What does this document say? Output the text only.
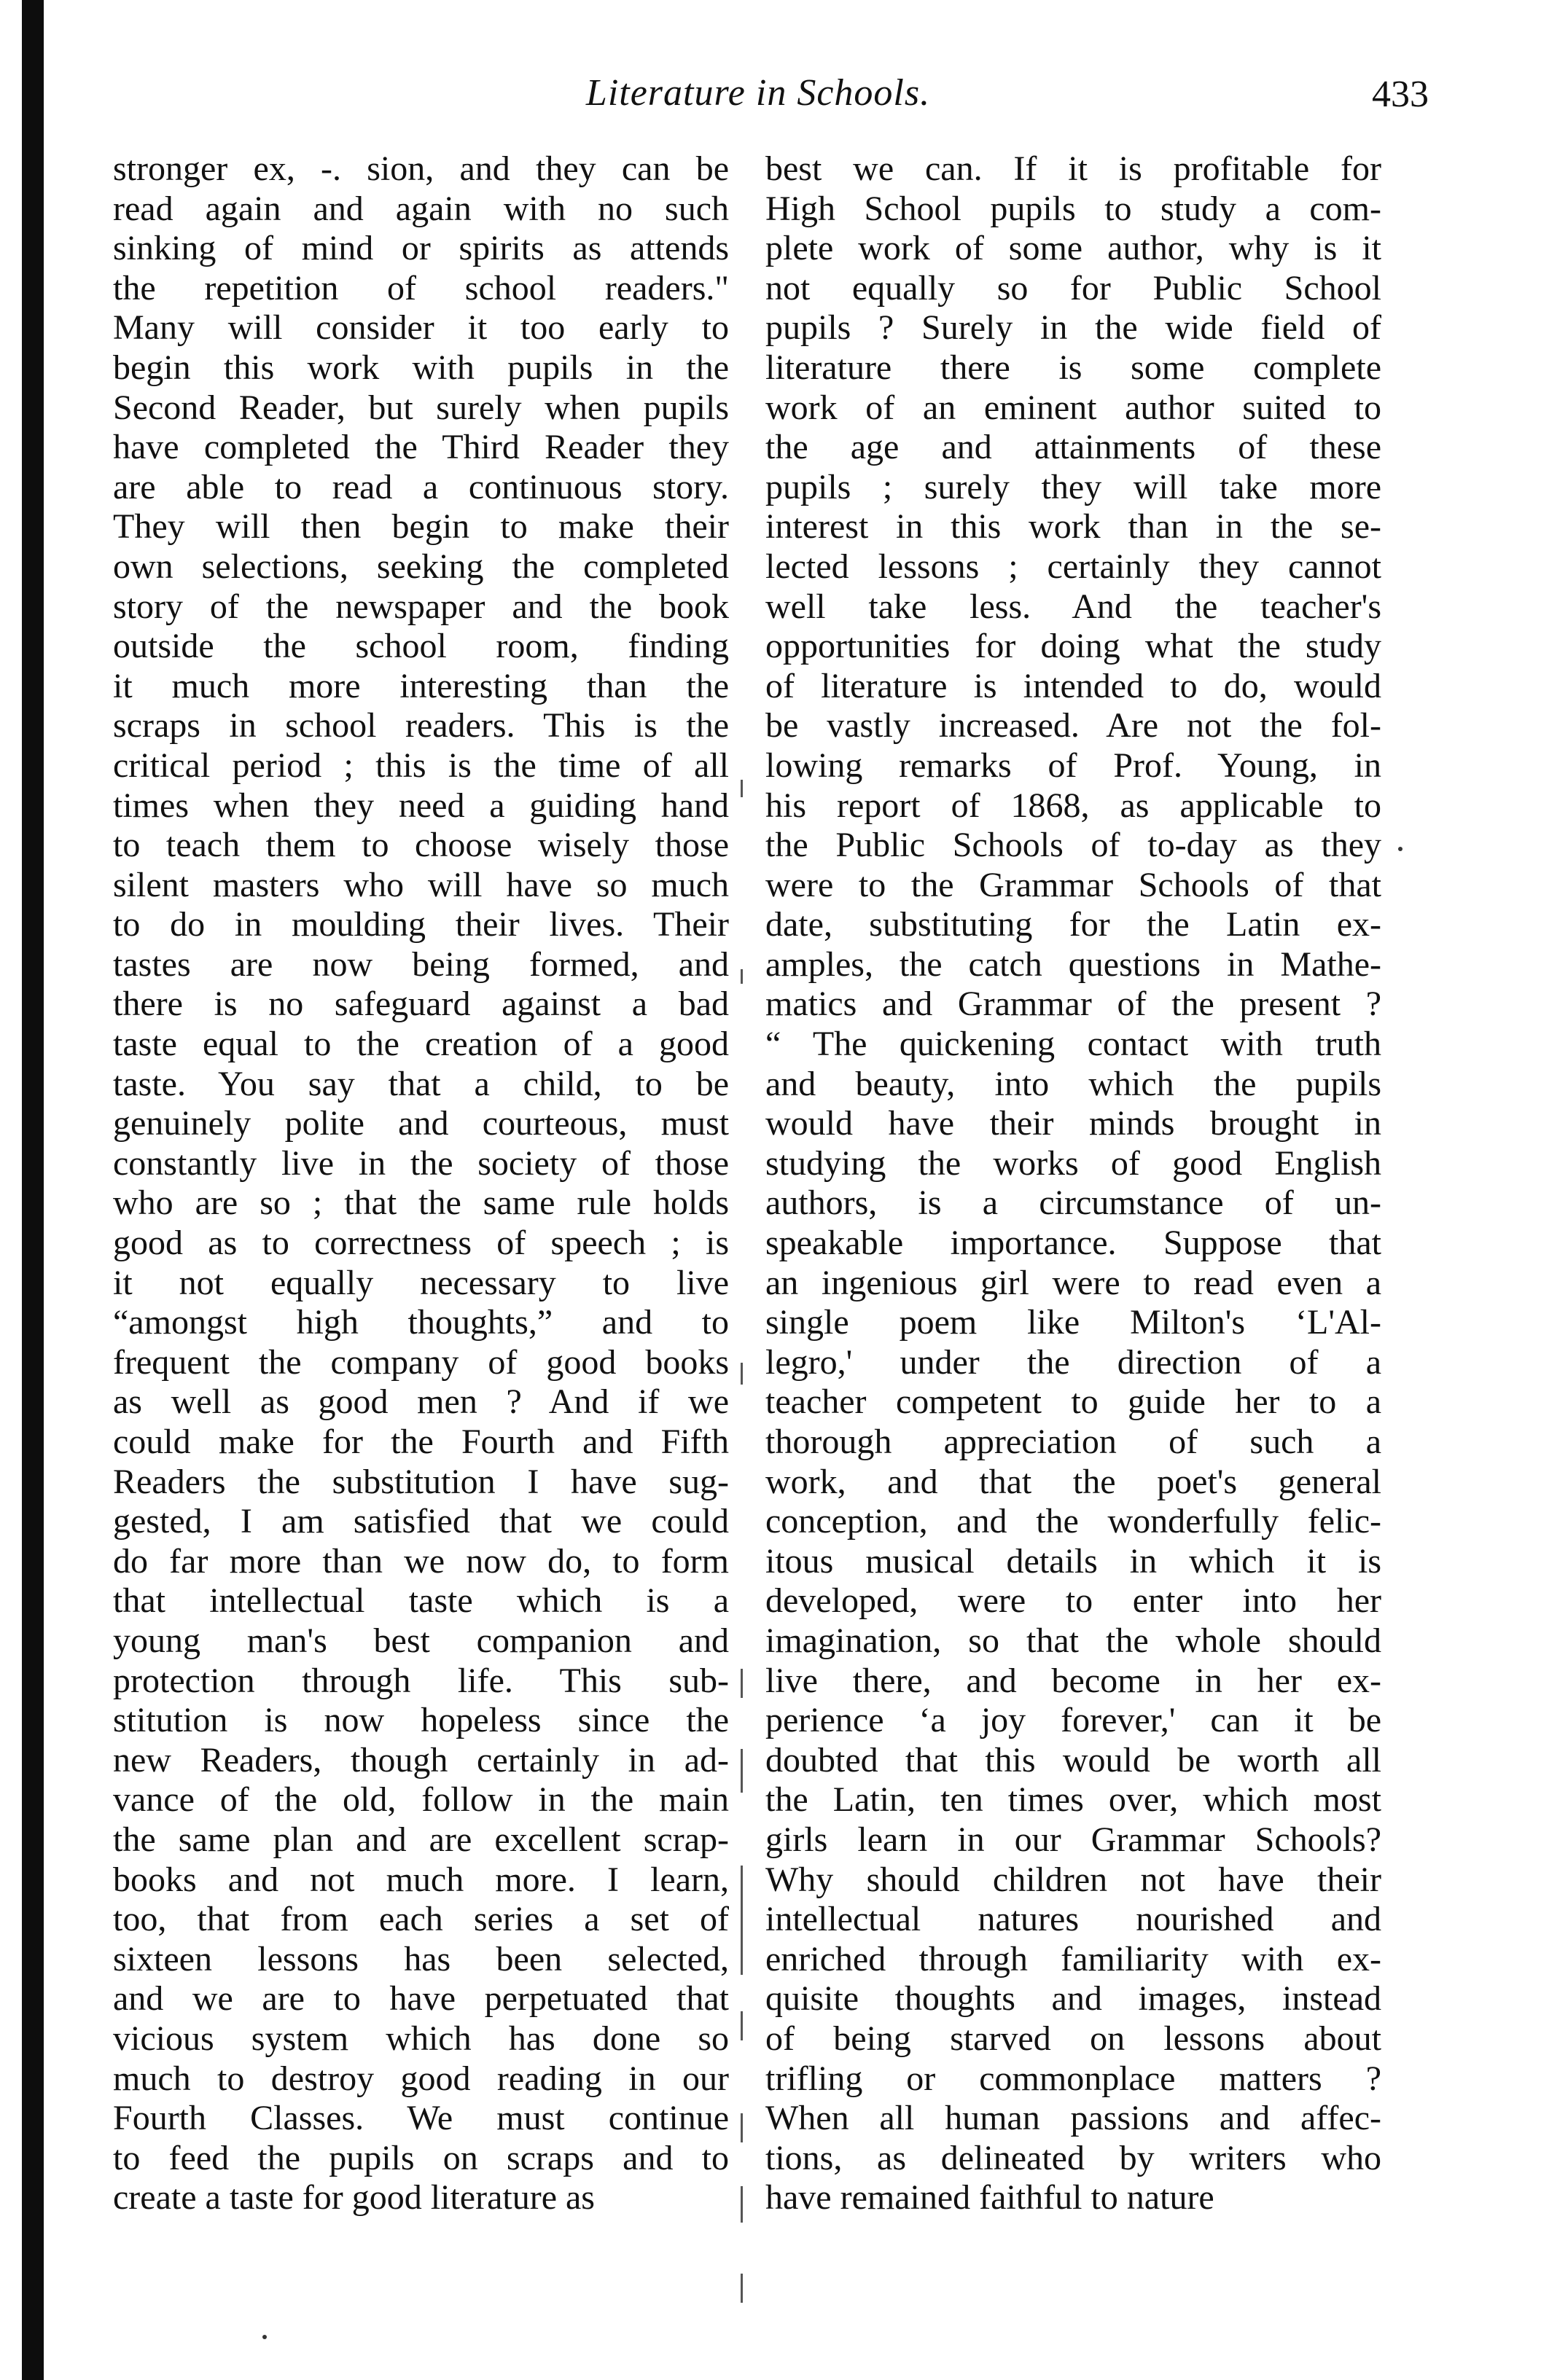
Literature in Schools.	433
stronger ex, -. sion, and they can be
read again and again with no such
sinking of mind or spirits as attends
the repetition of school readers."
Many will consider it too early to
begin this work with pupils in the
Second Reader, but surely when pupils
have completed the Third Reader they
are able to read a continuous story.
They will then begin to make their
own selections, seeking the completed
story of the newspaper and the book
outside the school room, finding
it much more interesting than the
scraps in school readers. This is the
critical period ; this is the time of all
times when they need a guiding hand
to teach them to choose wisely those
silent masters who will have so much
to do in moulding their lives. Their
tastes are now being formed, and
there is no safeguard against a bad
taste equal to the creation of a good
taste. You say that a child, to be
genuinely polite and courteous, must
constantly live in the society of those
who are so ; that the same rule holds
good as to correctness of speech ; is
it not equally necessary to live
“amongst high thoughts,” and to
frequent the company of good books
as well as good men ? And if we
could make for the Fourth and Fifth
Readers the substitution I have sug-
gested, I am satisfied that we could
do far more than we now do, to form
that intellectual taste which is a
young man's best companion and
protection through life. This sub-
stitution is now hopeless since the
new Readers, though certainly in ad-
vance of the old, follow in the main
the same plan and are excellent scrap-
books and not much more. I learn,
too, that from each series a set of
sixteen lessons has been selected,
and we are to have perpetuated that
vicious system which has done so
much to destroy good reading in our
Fourth Classes. We must continue
to feed the pupils on scraps and to
create a taste for good literature as
best we can. If it is profitable for
High School pupils to study a com-
plete work of some author, why is it
not equally so for Public School
pupils ? Surely in the wide field of
literature there is some complete
work of an eminent author suited to
the age and attainments of these
pupils ; surely they will take more
interest in this work than in the se-
lected lessons ; certainly they cannot
well take less. And the teacher's
opportunities for doing what the study
of literature is intended to do, would
be vastly increased. Are not the fol-
lowing remarks of Prof. Young, in
his report of 1868, as applicable to
the Public Schools of to-day as they
were to the Grammar Schools of that
date, substituting for the Latin ex-
amples, the catch questions in Mathe-
matics and Grammar of the present ?
“ The quickening contact with truth
and beauty, into which the pupils
would have their minds brought in
studying the works of good English
authors, is a circumstance of un-
speakable importance. Suppose that
an ingenious girl were to read even a
single poem like Milton's ‘L'Al-
legro,' under the direction of a
teacher competent to guide her to a
thorough appreciation of such a
work, and that the poet's general
conception, and the wonderfully felic-
itous musical details in which it is
developed, were to enter into her
imagination, so that the whole should
live there, and become in her ex-
perience ‘a joy forever,' can it be
doubted that this would be worth all
the Latin, ten times over, which most
girls learn in our Grammar Schools?
Why should children not have their
intellectual natures nourished and
enriched through familiarity with ex-
quisite thoughts and images, instead
of being starved on lessons about
trifling or commonplace matters ?
When all human passions and affec-
tions, as delineated by writers who
have remained faithful to nature
